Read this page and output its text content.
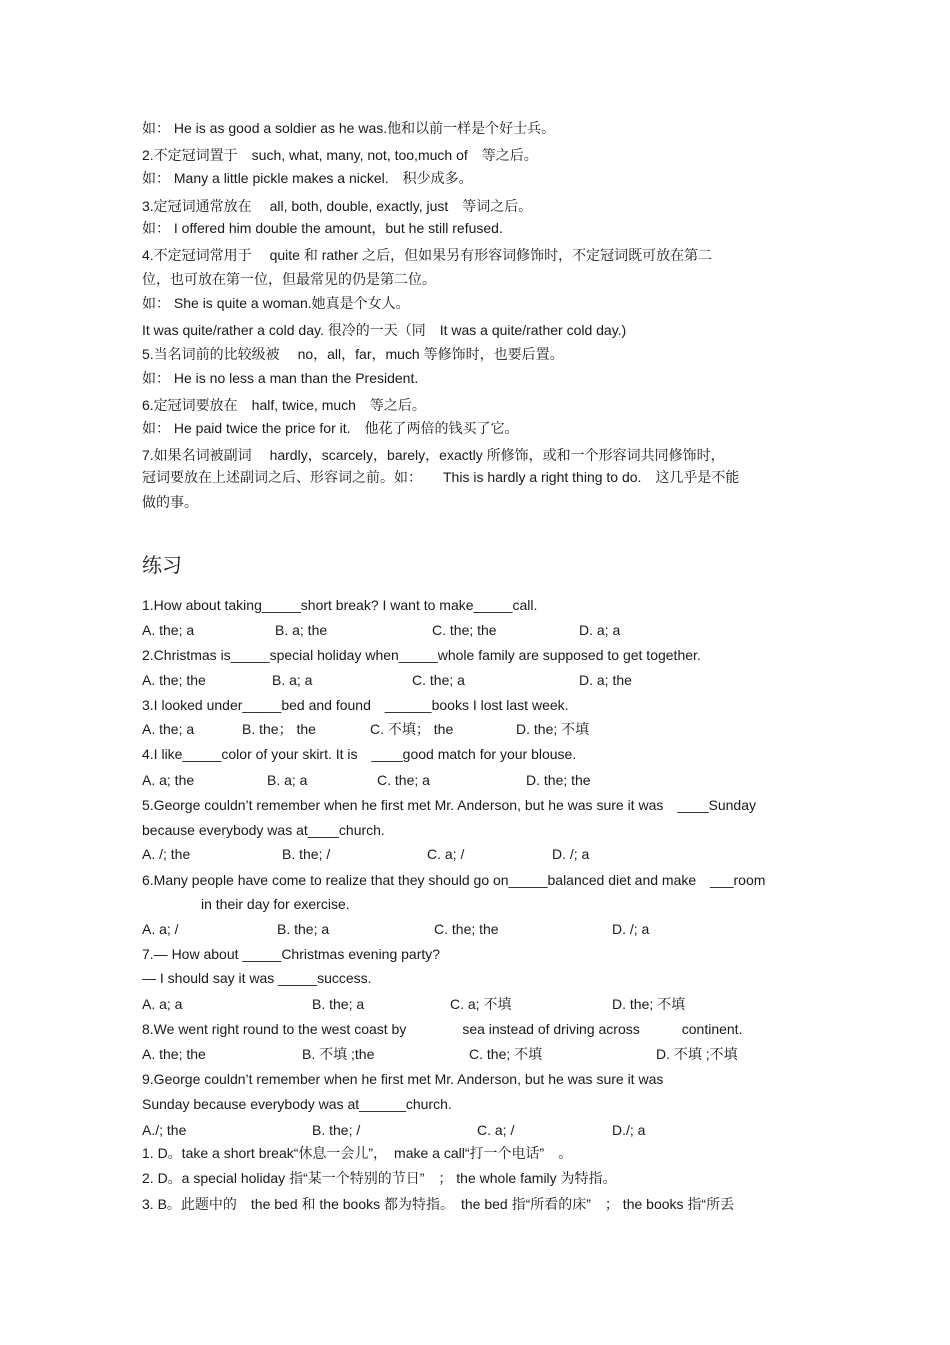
如： He is as good a soldier as he was.他和以前一样是个好士兵。
2.不定冠词置于　such, what, many, not, too,much of　等之后。
如： Many a little pickle makes a nickel.　积少成多。
3.定冠词通常放在　 all, both, double, exactly, just　等词之后。
如： I offered him double the amount，but he still refused.
4.不定冠词常用于　 quite 和 rather 之后，但如果另有形容词修饰时，不定冠词既可放在第二
位，也可放在第一位，但最常见的仍是第二位。
如： She is quite a woman.她真是个女人。
It was quite/rather a cold day. 很冷的一天（同　It was a quite/rather cold day.)
5.当名词前的比较级被　 no，all，far，much 等修饰时，也要后置。
如： He is no less a man than the President.
6.定冠词要放在　half, twice, much　等之后。
如： He paid twice the price for it.　他花了两倍的钱买了它。
7.如果名词被副词　 hardly，scarcely，barely，exactly 所修饰，或和一个形容词共同修饰时，
冠词要放在上述副词之后、形容词之前。如：　　This is hardly a right thing to do.　这几乎是不能
做的事。
练习
1.How about taking_____short break? I want to make_____call.
A. the; a	B. a; the	C. the; the	D. a; a
2.Christmas is_____special holiday when_____whole family are supposed to get together.
A. the; the	B. a; a	C. the; a	D. a; the
3.I looked under_____bed and found　______books I lost last week.
A. the; a	B. the； the	C. 不填； the	D. the; 不填
4.I like_____color of your skirt. It is　____good match for your blouse.
A. a; the	B. a; a	C. the; a	D. the; the
5.George couldn’t remember when he first met Mr. Anderson, but he was sure it was　____Sunday
because everybody was at____church.
A. /; the	B. the; /	C. a; /	D. /; a
6.Many people have come to realize that they should go on_____balanced diet and make　___room
in their day for exercise.
A. a; /	B. the; a	C. the; the	D. /; a
7.— How about _____Christmas evening party?
— I should say it was _____success.
A. a; a	B. the; a	C. a; 不填	D. the; 不填
8.We went right round to the west coast by　　　　sea instead of driving across　　　continent.
A. the; the	B. 不填 ;the	C. the; 不填	D. 不填 ;不填
9.George couldn’t remember when he first met Mr. Anderson, but he was sure it was
Sunday because everybody was at______church.
A./; the	B. the; /	C. a; /	D./; a
1. D。take a short break“休息一会儿”，　make a call“打一个电话”　。
2. D。a special holiday 指“某一个特别的节日”　； the whole family 为特指。
3. B。此题中的　the bed 和 the books 都为特指。　the bed 指“所看的床”　； the books 指“所丢
